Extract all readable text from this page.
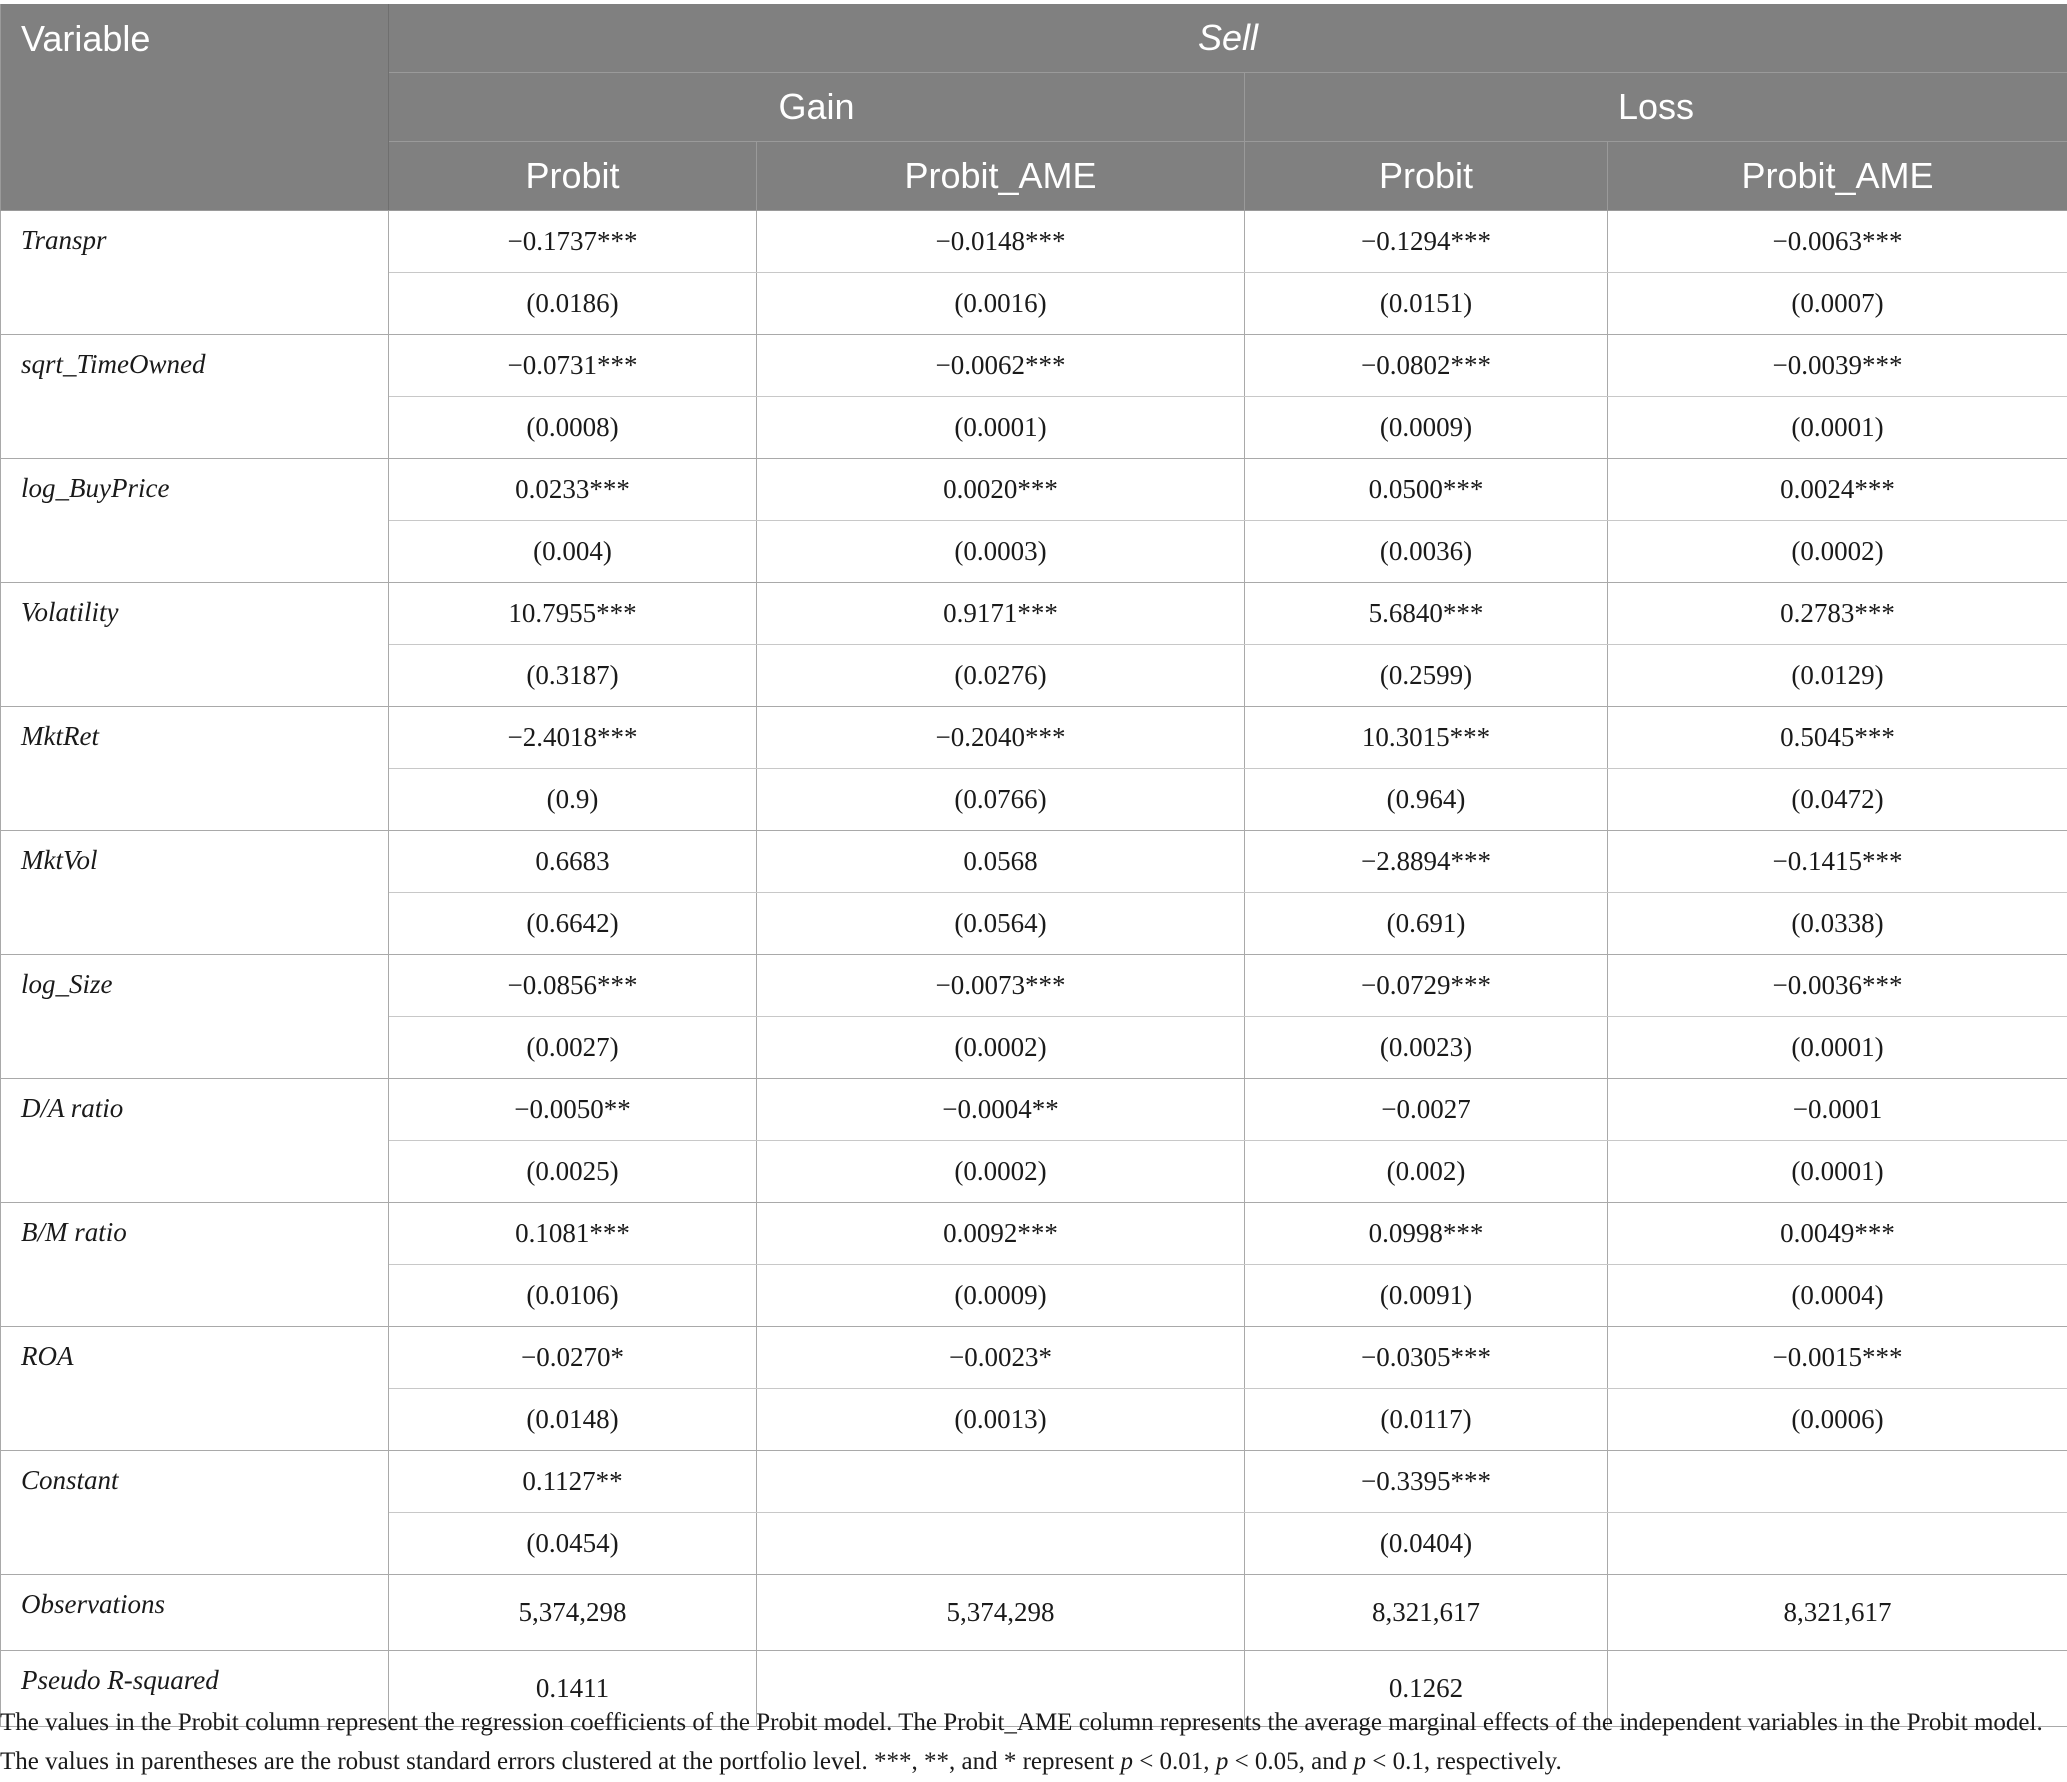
Variable	Sell			
	Gain		Loss	
	Probit	Probit_AME	Probit	Probit_AME
Transpr	−0.1737***	−0.0148***	−0.1294***	−0.0063***
	(0.0186)	(0.0016)	(0.0151)	(0.0007)
sqrt_TimeOwned	−0.0731***	−0.0062***	−0.0802***	−0.0039***
	(0.0008)	(0.0001)	(0.0009)	(0.0001)
log_BuyPrice	0.0233***	0.0020***	0.0500***	0.0024***
	(0.004)	(0.0003)	(0.0036)	(0.0002)
Volatility	10.7955***	0.9171***	5.6840***	0.2783***
	(0.3187)	(0.0276)	(0.2599)	(0.0129)
MktRet	−2.4018***	−0.2040***	10.3015***	0.5045***
	(0.9)	(0.0766)	(0.964)	(0.0472)
MktVol	0.6683	0.0568	−2.8894***	−0.1415***
	(0.6642)	(0.0564)	(0.691)	(0.0338)
log_Size	−0.0856***	−0.0073***	−0.0729***	−0.0036***
	(0.0027)	(0.0002)	(0.0023)	(0.0001)
D/A ratio	−0.0050**	−0.0004**	−0.0027	−0.0001
	(0.0025)	(0.0002)	(0.002)	(0.0001)
B/M ratio	0.1081***	0.0092***	0.0998***	0.0049***
	(0.0106)	(0.0009)	(0.0091)	(0.0004)
ROA	−0.0270*	−0.0023*	−0.0305***	−0.0015***
	(0.0148)	(0.0013)	(0.0117)	(0.0006)
Constant	0.1127**		−0.3395***	
	(0.0454)		(0.0404)	
Observations	5,374,298	5,374,298	8,321,617	8,321,617
Pseudo R-squared	0.1411		0.1262	
The values in the Probit column represent the regression coefficients of the Probit model. The Probit_AME column represents the average marginal effects of the independent variables in the Probit model. The values in parentheses are the robust standard errors clustered at the portfolio level. ***, **, and * represent p < 0.01, p < 0.05, and p < 0.1, respectively.
